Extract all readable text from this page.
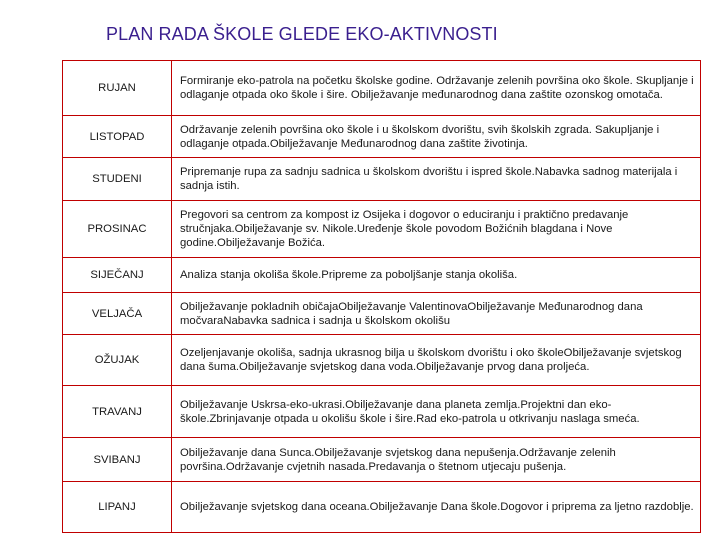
PLAN RADA ŠKOLE GLEDE EKO-AKTIVNOSTI
RUJAN	Formiranje eko-patrola na početku školske godine. Održavanje zelenih površina oko škole. Skupljanje i odlaganje otpada oko škole i šire. Obilježavanje međunarodnog dana zaštite ozonskog omotača.
LISTOPAD	Održavanje zelenih površina oko škole i u školskom dvorištu, svih školskih zgrada. Sakupljanje i odlaganje otpada.Obilježavanje Međunarodnog dana zaštite životinja.
STUDENI	Pripremanje rupa za sadnju sadnica u školskom dvorištu i ispred škole.Nabavka sadnog materijala i sadnja istih.
PROSINAC	Pregovori sa centrom za kompost iz Osijeka i dogovor o educiranju i praktično predavanje stručnjaka.Obilježavanje sv. Nikole.Uređenje škole povodom Božićnih blagdana i Nove godine.Obilježavanje Božića.
SIJEČANJ	Analiza stanja okoliša škole.Pripreme za poboljšanje stanja okoliša.
VELJAČA	Obilježavanje pokladnih običajaObilježavanje ValentinovaObilježavanje Međunarodnog dana močvaraNabavka sadnica i sadnja u školskom okolišu
OŽUJAK	Ozeljenjavanje okoliša, sadnja ukrasnog bilja u školskom dvorištu i oko školeObilježavanje svjetskog dana šuma.Obilježavanje svjetskog dana voda.Obilježavanje prvog dana proljeća.
TRAVANJ	Obilježavanje Uskrsa-eko-ukrasi.Obilježavanje dana planeta zemlja.Projektni dan eko-škole.Zbrinjavanje otpada u okolišu škole i šire.Rad eko-patrola u otkrivanju naslaga smeća.
SVIBANJ	Obilježavanje dana Sunca.Obilježavanje svjetskog dana nepušenja.Održavanje zelenih površina.Održavanje cvjetnih nasada.Predavanja o štetnom utjecaju pušenja.
LIPANJ	Obilježavanje svjetskog dana oceana.Obilježavanje Dana škole.Dogovor i priprema za ljetno razdoblje.
